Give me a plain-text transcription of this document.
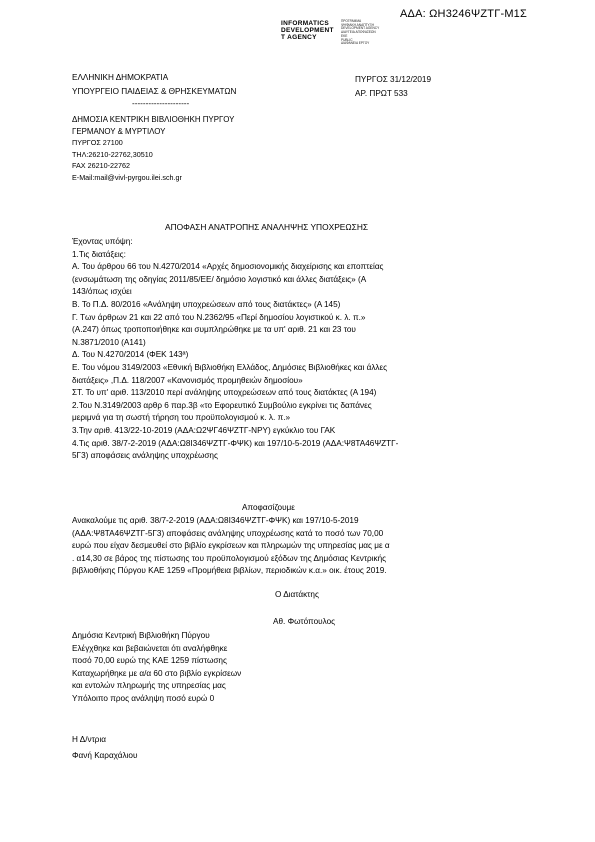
ΑΔΑ: ΩΗ3246ΨΖΤΓ-Μ1Σ
INFORMATICS
DEVELOPMENT
T AGENCY
ΠΡΟΓΡΑΜΜΑ
ΨΗΦΙΑΚΗ ΑΝΑΠΤΥΞΗ
DEVELOPMENT AGENCY
ΔΙΑΥΓΕΙΑ ΑΠΟΦΑΣΕΩΝ
ΕΚΕ
PUBLIC
ΔΙΑΦΑΝΕΙΑ ΕΡΓΟΥ
ΕΛΛΗΝΙΚΗ ΔΗΜΟΚΡΑΤΙΑ
ΥΠΟΥΡΓΕΙΟ ΠΑΙΔΕΙΑΣ & ΘΡΗΣΚΕΥΜΑΤΩΝ
---------------------
ΔΗΜΟΣΙΑ ΚΕΝΤΡΙΚΗ ΒΙΒΛΙΟΘΗΚΗ ΠΥΡΓΟΥ
ΓΕΡΜΑΝΟΥ & ΜΥΡΤΙΛΟΥ
ΠΥΡΓΟΣ 27100
ΤΗΛ:26210-22762,30510
FAX 26210-22762
E-Mail:mail@vivl-pyrgou.ilei.sch.gr
ΠΥΡΓΟΣ 31/12/2019
ΑΡ. ΠΡΩΤ 533
ΑΠΟΦΑΣΗ ΑΝΑΤΡΟΠΗΣ ΑΝΑΛΗΨΗΣ ΥΠΟΧΡΕΩΣΗΣ
Έχοντας υπόψη:
1.Τις διατάξεις:
Α. Του άρθρου 66 του Ν.4270/2014 «Αρχές δημοσιονομικής διαχείρισης και εποπτείας
(ενσωμάτωση της οδηγίας 2011/85/ΕΕ/ δημόσιο λογιστικό και άλλες διατάξεις» (Α
143/όπως ισχύει
Β. Το Π.Δ. 80/2016 «Ανάληψη υποχρεώσεων από τους διατάκτες» (Α 145)
Γ. Των άρθρων 21 και 22 από του Ν.2362/95 «Περί δημοσίου λογιστικού κ. λ. π.»
(Α.247) όπως τροποποιήθηκε και συμπληρώθηκε με τα υπ' αριθ. 21 και 23 του
Ν.3871/2010 (Α141)
Δ. Του Ν.4270/2014 (ΦΕΚ 143ª)
Ε. Του νόμου 3149/2003 «Εθνική Βιβλιοθήκη Ελλάδος, Δημόσιες Βιβλιοθήκες και άλλες
διατάξεις» ,Π.Δ. 118/2007 «Κανονισμός προμηθειών δημοσίου»
ΣΤ. Το υπ' αριθ. 113/2010 περί ανάληψης υποχρεώσεων από τους διατάκτες (Α 194)
2.Του Ν.3149/2003 αρθρ 6 παρ.3β «το Εφορευτικό Συμβούλιο εγκρίνει τις δαπάνες
μεριμνά για τη σωστή τήρηση του προϋπολογισμού κ. λ. π.»
3.Την αριθ. 413/22-10-2019 (ΑΔΑ:Ω2ΨΓ46ΨΖΤΓ-ΝΡΥ) εγκύκλιο του ΓΑΚ
4.Τις αριθ. 38/7-2-2019 (ΑΔΑ:Ω8Ι346ΨΖΤΓ-ΦΨΚ) και 197/10-5-2019 (ΑΔΑ:Ψ8ΤΑ46ΨΖΤΓ-
5Γ3) αποφάσεις ανάληψης υποχρέωσης
Αποφασίζουμε
Ανακαλούμε τις αριθ. 38/7-2-2019 (ΑΔΑ:Ω8Ι346ΨΖΤΓ-ΦΨΚ) και 197/10-5-2019
(ΑΔΑ:Ψ8ΤΑ46ΨΖΤΓ-5Γ3) αποφάσεις ανάληψης υποχρέωσης κατά το ποσό των 70,00
ευρώ που είχαν δεσμευθεί στο βιβλίο εγκρίσεων και πληρωμών της υπηρεσίας μας με α
. α14,30 σε βάρος της πίστωσης του προϋπολογισμού εξόδων της Δημόσιας Κεντρικής
βιβλιοθήκης Πύργου ΚΑΕ 1259 «Προμήθεια βιβλίων, περιοδικών κ.α.» οικ. έτους 2019.
Ο Διατάκτης
Αθ. Φωτόπουλος
Δημόσια Κεντρική Βιβλιοθήκη Πύργου
Ελέγχθηκε και βεβαιώνεται ότι αναλήφθηκε
ποσό 70,00 ευρώ της ΚΑΕ 1259 πίστωσης
Καταχωρήθηκε με α/α 60 στο βιβλίο εγκρίσεων
και εντολών πληρωμής της υπηρεσίας μας
Υπόλοιπο προς ανάληψη ποσό ευρώ 0
Η Δ/ντρια
Φανή Καραχάλιου
